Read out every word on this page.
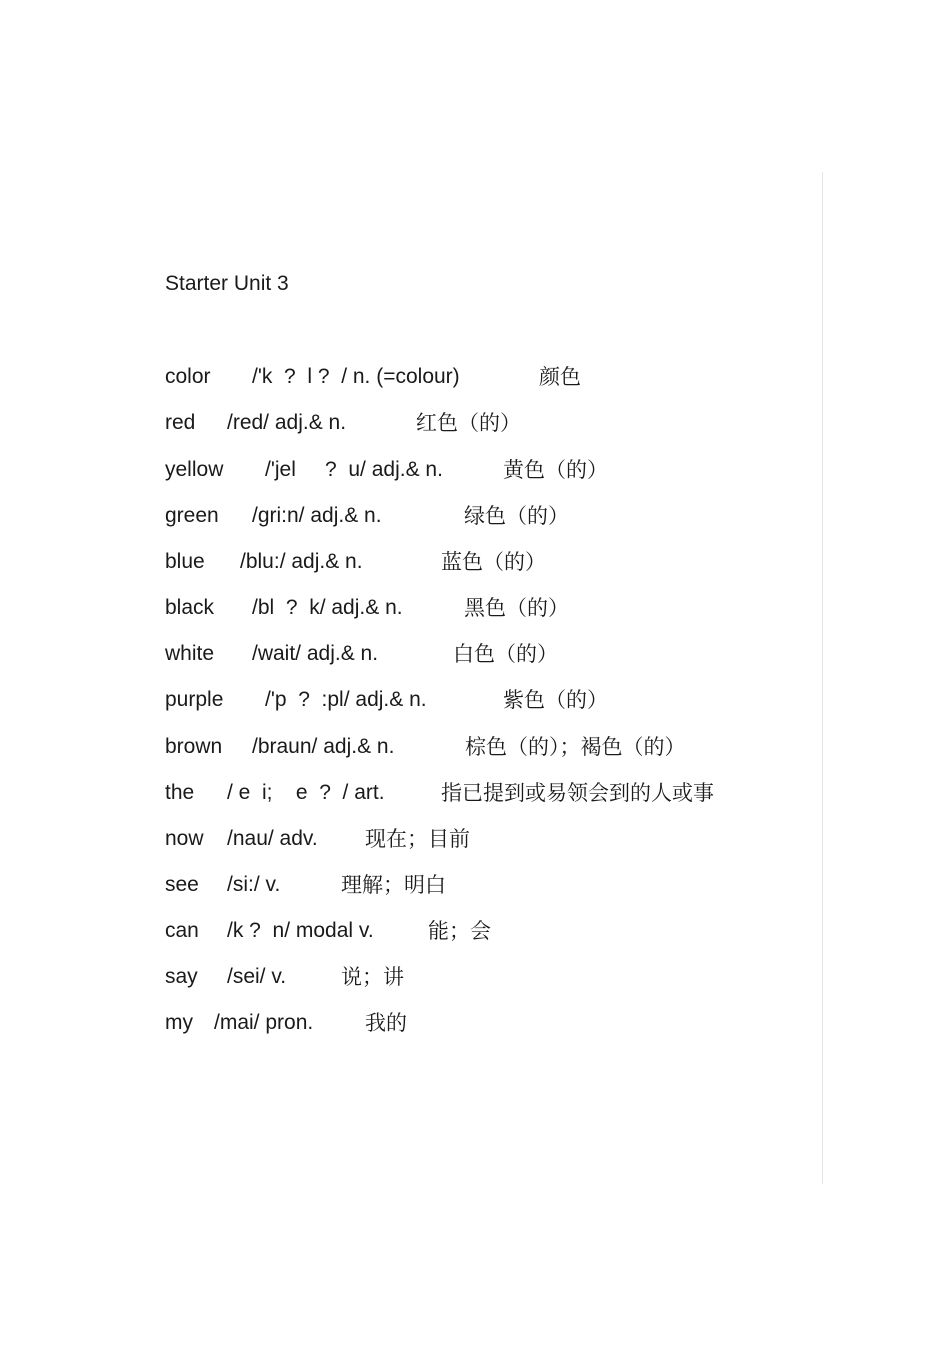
Starter Unit 3
color /'k  ?  l ?  / n. (=colour)	颜色
red /red/ adj.& n.	红色（的）
yellow /'jel     ?  u/ adj.& n.	黄色（的）
green /gri:n/ adj.& n.	绿色（的）
blue /blu:/ adj.& n.	蓝色（的）
black /bl  ?  k/ adj.& n.	黑色（的）
white /wait/ adj.& n.	白色（的）
purple /'p  ?  :pl/ adj.& n.	紫色（的）
brown /braun/ adj.& n.	棕色（的）；褐色（的）
the / e  i;    e  ?  / art.	指已提到或易领会到的人或事
now /nau/ adv. 现在；目前
see /si:/ v.	理解；明白
can /k ?  n/ modal v.	能；会
say /sei/ v.	说；讲
my /mai/ pron. 我的
